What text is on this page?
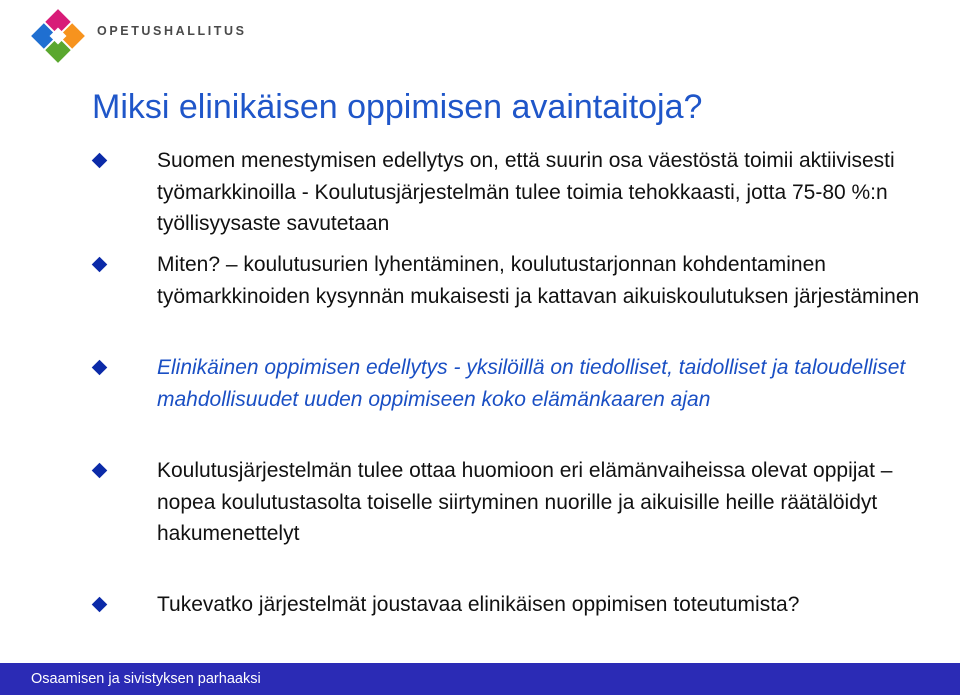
OPETUSHALLITUS
Miksi elinikäisen oppimisen avaintaitoja?
Suomen menestymisen edellytys on, että suurin osa väestöstä toimii aktiivisesti työmarkkinoilla - Koulutusjärjestelmän tulee toimia tehokkaasti, jotta 75-80 %:n työllisyysaste savutetaan
Miten? – koulutusurien lyhentäminen, koulutustarjonnan kohdentaminen työmarkkinoiden kysynnän mukaisesti ja kattavan aikuiskoulutuksen järjestäminen
Elinikäinen oppimisen edellytys - yksilöillä on tiedolliset, taidolliset ja taloudelliset mahdollisuudet uuden oppimiseen koko elämänkaaren ajan
Koulutusjärjestelmän tulee ottaa huomioon eri elämänvaiheissa olevat oppijat – nopea koulutustasolta toiselle siirtyminen nuorille ja aikuisille heille räätälöidyt hakumenettelyt
Tukevatko järjestelmät joustavaa elinikäisen oppimisen toteutumista?
Osaamisen ja sivistyksen parhaaksi
